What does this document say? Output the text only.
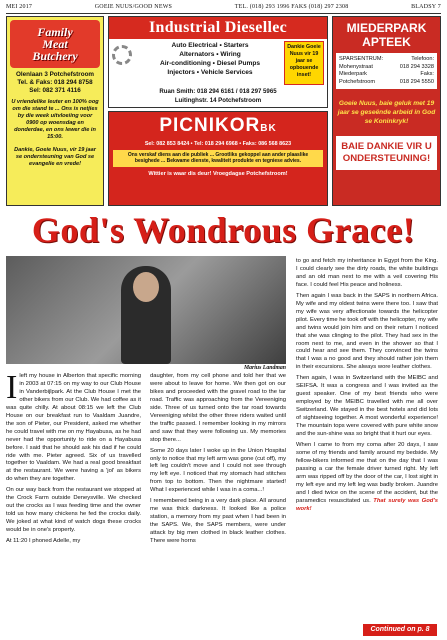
MEI 2017	GOEIE NUUS/GOOD NEWS	TEL. (018) 293 1996 FAKS (018) 297 2308	BLADSY 7
Family
Meat
Butchery
Olenlaan 3 Potchefstroom
Tel. & Faks: 018 294 8758
Sel: 082 371 4116
U vriendelike leuter en 100% oog om die stand te ... Ons is netjies by die week uitvloeiing voor 0900 op woensdag en donderdae, en ons lewer die in 15:00.
Dankie, Goeie Nuus, vir 19 jaar se ondersteuning van God se evangelie en vrede!
Industrial Diesellec
Auto Electrical • Starters
Alternators • Wiring
Air-conditioning • Diesel Pumps
Injectors • Vehicle Services
Dankie Goeie Nuus vir 19 jaar se opbouende inset!
Ruan Smith: 018 294 6161 / 018 297 5965
Luitinghstr. 14 Potchefstroom
PICNIKORBK
Sel: 082 853 8424 • Tel: 018 294 6968 • Faks: 086 568 8623
Ons verskaf diens aan die publiek ... Grootliks gekoppel aan ander plaaslike besighede ... Bekwame dienste, kwaliteit produkte en tegniese advies.
Wittier is waar dis deur! Vroegdagse Potchefstroom!
MIEDERPARK
APTEEK
SPARSENTRUM:	Telefoon:
Mohenystraat	018 294 3328
Miederpark	Faks:
Potchefstroom	018 294 5550
Goeie Nuus, baie geluk met 19 jaar se geseënde arbeid in God se Koninkryk!
BAIE DANKIE VIR U ONDERSTEUNING!
God's Wondrous Grace!
Marius Landman

Ileft my house in Alberton that specific morning in 2003 at 07:15 on my way to our Club House in Vanderbijlpark. At the Club House I met the other bikers from our Club. We had coffee as it was quite chilly. At about 08:15 we left the Club House on our breakfast run to Vaaldam Juandre, the son of Pieter, our President, asked me whether he could travel with me on my Hayabusa, as he had never had the opportunity to ride on a Hayabusa before. I said that he should ask his dad if he could ride with me. Pieter agreed. Six of us travelled together to Vaaldam. We had a real good breakfast at the restaurant. We were having a 'jol' as bikers do when they are together.

On our way back from the restaurant we stopped at the Crock Farm outside Deneysville. We checked out the crocks as I was feeding time and the owner told us how many chickens he fed the crocks daily. We joked at what kind of watch dogs these crocks would be in one's property.

At 11:20 I phoned Adelle, my

daughter, from my cell phone and told her that we were about to leave for home. We then got on our bikes and proceeded with the gravel road to the tar road. Traffic was approaching from the Vereeniging side. Three of us turned onto the tar road towards Vereeniging whilst the other three riders waited until the traffic passed. I remember looking in my mirrors and saw that they were following us. My memories stop there...

Some 20 days later I woke up in the Union Hospital only to notice that my left arm was gone (cut off), my left leg couldn't move and I could not see through my left eye. I noticed that my stomach had stitches from top to bottom. Then the nightmare started! What I experienced while I was in a coma...!

I remembered being in a very dark place. All around me was thick darkness. It looked like a police station, a memory from my past when I had been in the SAPS. We, the SAPS members, were under attack by big men clothed in black leather clothes. There were horns

to go and fetch my inheritance in Egypt from the King. I could clearly see the dirty roads, the white buildings and an old man next to me with a veil covering His face. I could feel His peace and holiness.

Then again I was back in the SAPS in northern Africa. My wife and my oldest twins were there too. I saw that my wife was very affectionate towards the helicopter pilot. Every time he took off with the helicopter, my wife and twins would join him and on their return I noticed that she was clinging to the pilot. They had sex in the room next to me, and even in the shower so that I could hear and see them. They convinced the twins that I was a no good and they should rather join them in their excursions. She always wore leather clothes.

Then again, I was in Switzerland with the MEIBC and SEIFSA. It was a congress and I was invited as the guest speaker. One of my best friends who were employed by the MEIBC travelled with me all over Switzerland. We stayed in the best hotels and did lots of sightseeing together. A most wonderful experience! The mountain tops were covered with pure white snow and the sun-shine was so bright that it hurt our eyes.

When I came to from my coma after 20 days, I saw some of my friends and family around my bedside. My fellow-bikers informed me that on the day that I was passing a car the female driver turned right. My left arm was ripped off by the door of the car, I lost sight in my left eye and my left leg was badly broken. Juandre and I died twice on the scene of the accident, but the paramedics resuscitated us. That surely was God's work!

Continued on p. 8
